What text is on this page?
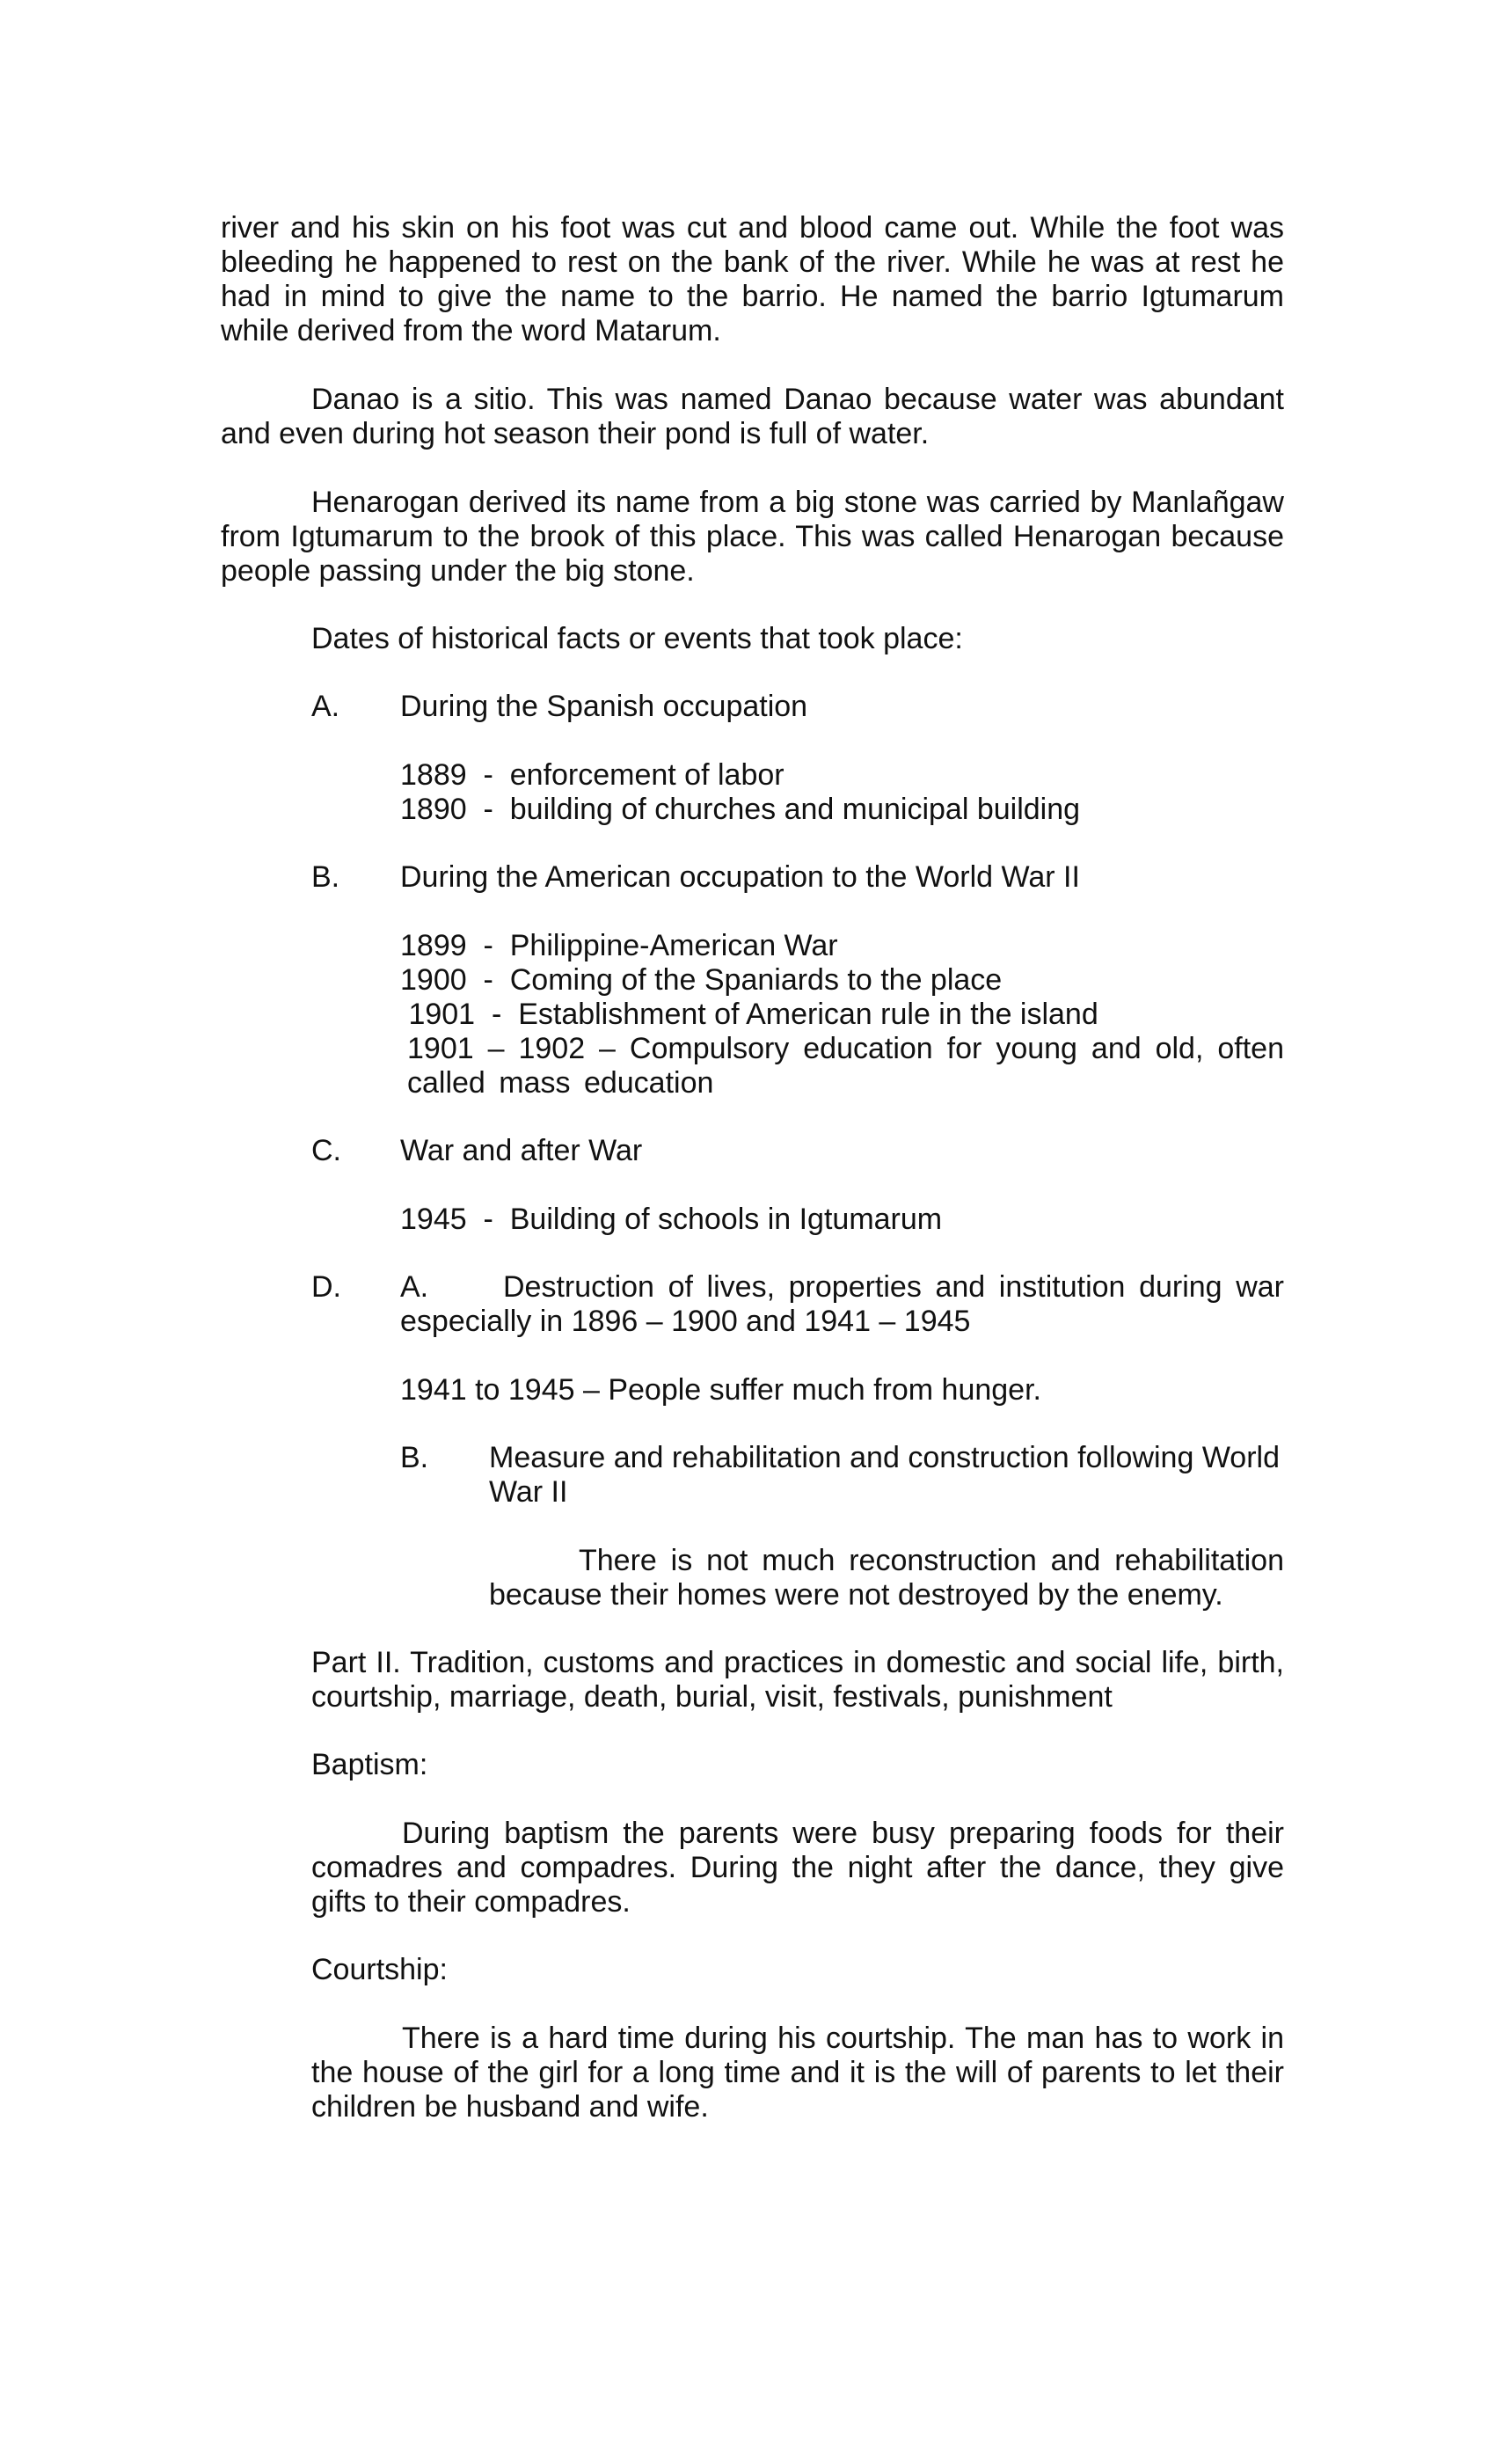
river and his skin on his foot was cut and blood came out. While the foot was bleeding he happened to rest on the bank of the river. While he was at rest he had in mind to give the name to the barrio. He named the barrio Igtumarum while derived from the word Matarum.

Danao is a sitio. This was named Danao because water was abundant and even during hot season their pond is full of water.

Henarogan derived its name from a big stone was carried by Manlañgaw from Igtumarum to the brook of this place. This was called Henarogan because people passing under the big stone.

Dates of historical facts or events that took place:

A. During the Spanish occupation
1889  -  enforcement of labor
1890  -  building of churches and municipal building
B. During the American occupation to the World War II
1899  -  Philippine-American War
1900  -  Coming of the Spaniards to the place
1901  -  Establishment of American rule in the island

1901 – 1902 – Compulsory education for young and old, often called mass education

C. War and after War
1945  -  Building of schools in Igtumarum
D. A.	Destruction of lives, properties and institution during war especially in 1896 – 1900 and 1941 – 1945

1941 to 1945 – People suffer much from hunger.

B. Measure and rehabilitation and construction following World War II

There is not much reconstruction and rehabilitation because their homes were not destroyed by the enemy.

Part II. Tradition, customs and practices in domestic and social life, birth, courtship, marriage, death, burial, visit, festivals, punishment

Baptism:

During baptism the parents were busy preparing foods for their comadres and compadres. During the night after the dance, they give gifts to their compadres.

Courtship:

There is a hard time during his courtship. The man has to work in the house of the girl for a long time and it is the will of parents to let their children be husband and wife.
